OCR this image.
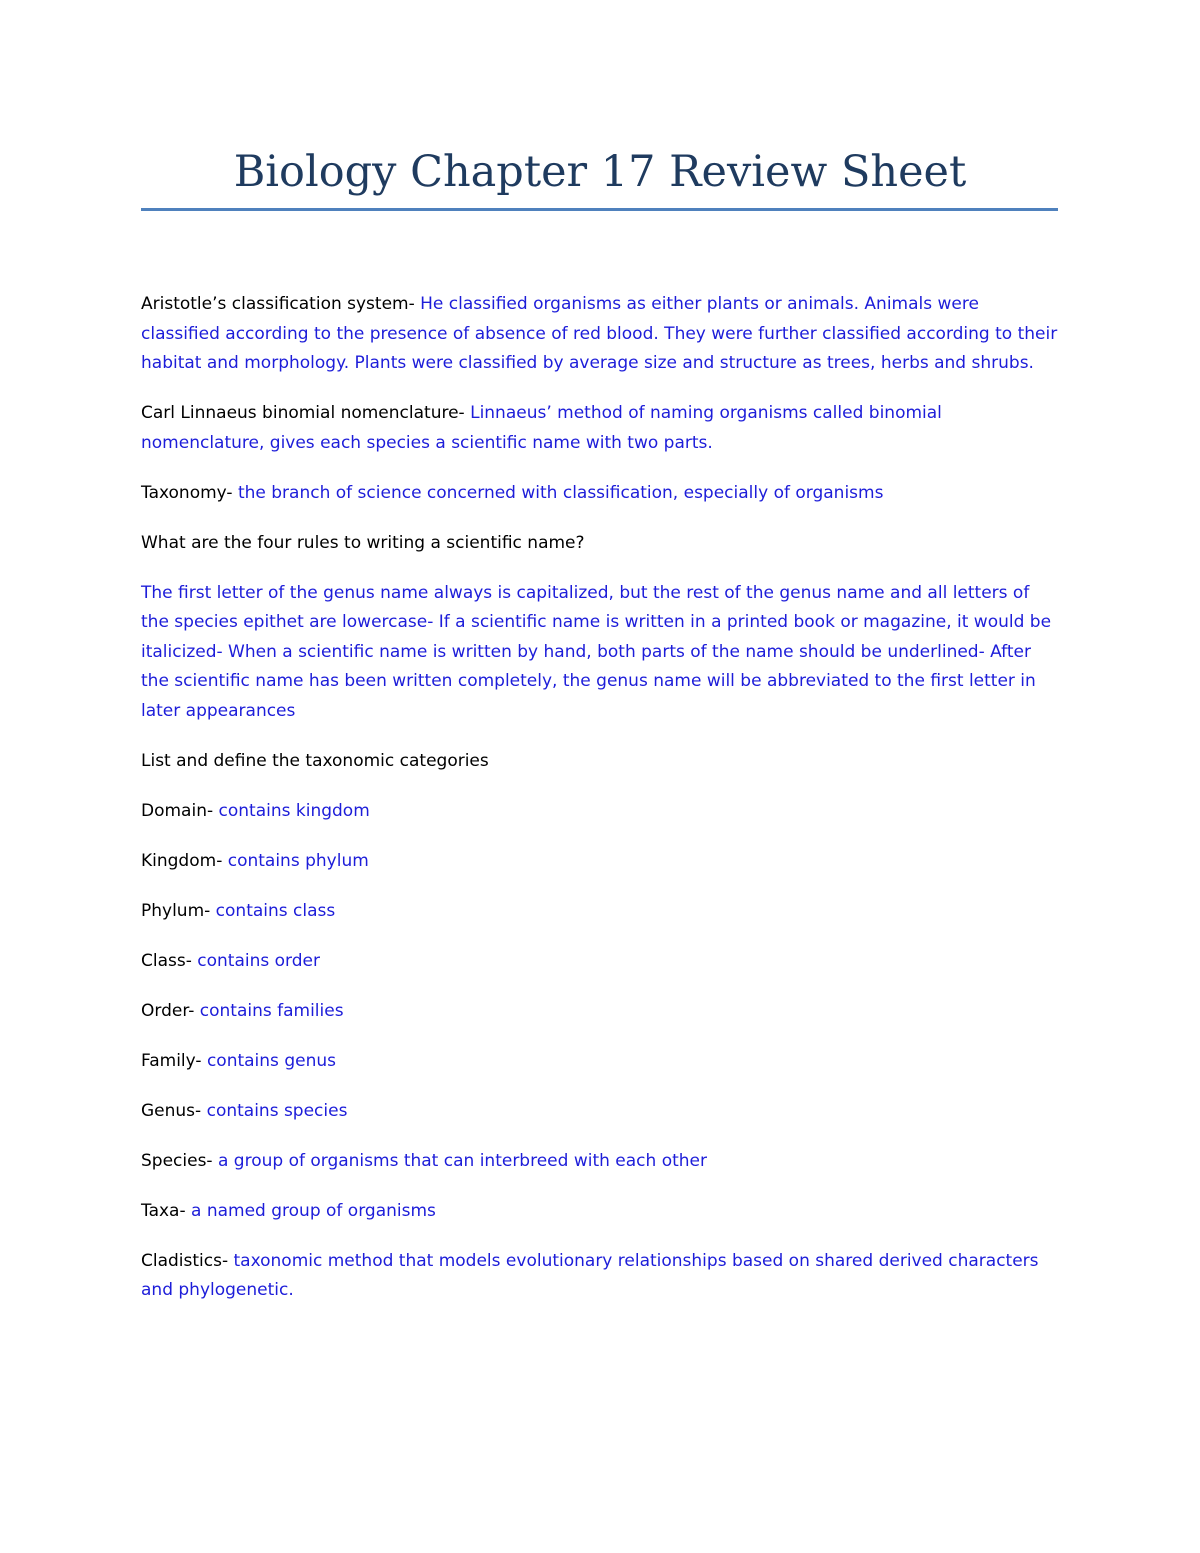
Biology Chapter 17 Review Sheet

Aristotle’s classification system- He classified organisms as either plants or animals. Animals were classified according to the presence of absence of red blood. They were further classified according to their habitat and morphology. Plants were classified by average size and structure as trees, herbs and shrubs.

Carl Linnaeus binomial nomenclature- Linnaeus’ method of naming organisms called binomial nomenclature, gives each species a scientific name with two parts.

Taxonomy- the branch of science concerned with classification, especially of organisms

What are the four rules to writing a scientific name?

The first letter of the genus name always is capitalized, but the rest of the genus name and all letters of the species epithet are lowercase- If a scientific name is written in a printed book or magazine, it would be italicized- When a scientific name is written by hand, both parts of the name should be underlined- After the scientific name has been written completely, the genus name will be abbreviated to the first letter in later appearances

List and define the taxonomic categories

Domain- contains kingdom

Kingdom- contains phylum

Phylum- contains class

Class- contains order

Order- contains families

Family- contains genus

Genus- contains species

Species- a group of organisms that can interbreed with each other

Taxa- a named group of organisms

Cladistics- taxonomic method that models evolutionary relationships based on shared derived characters and phylogenetic.
